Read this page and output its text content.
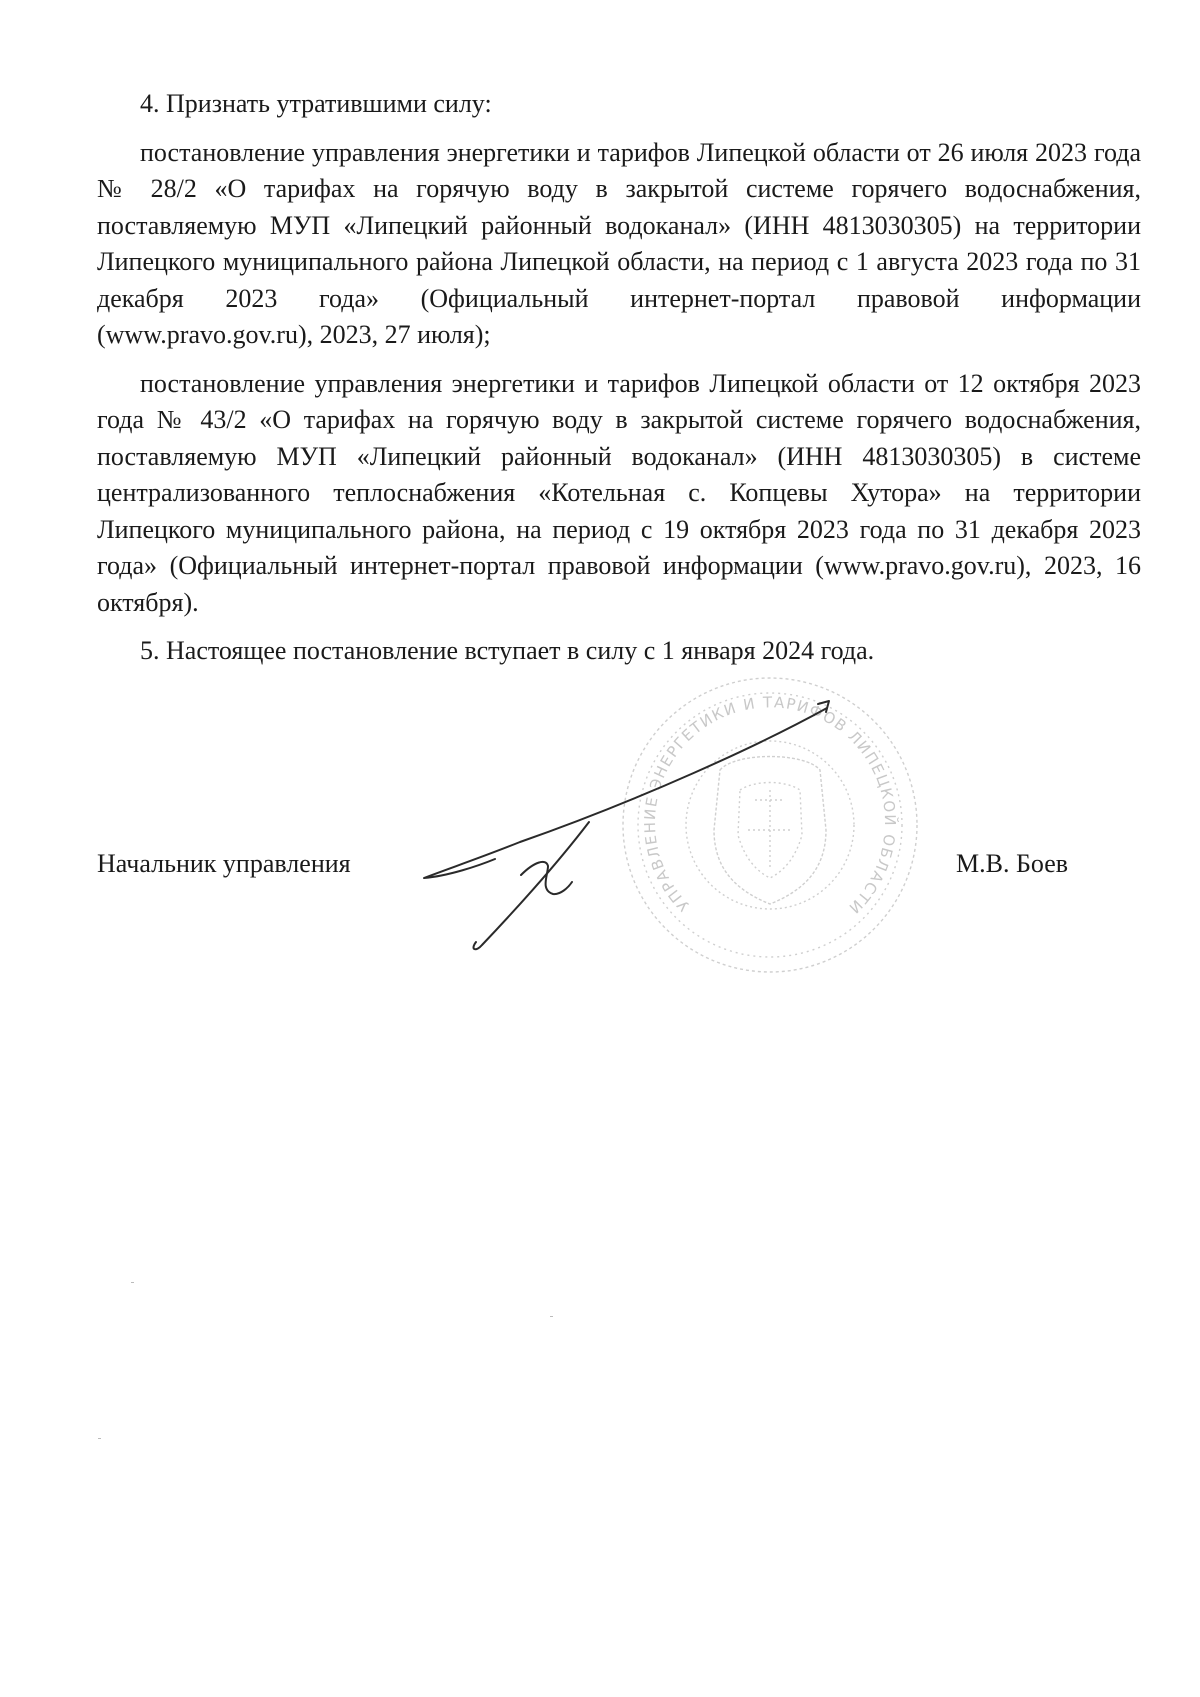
4. Признать утратившими силу:

постановление управления энергетики и тарифов Липецкой области от 26 июля 2023 года № 28/2 «О тарифах на горячую воду в закрытой системе горячего водоснабжения, поставляемую МУП «Липецкий районный водоканал» (ИНН 4813030305) на территории Липецкого муниципального района Липецкой области, на период с 1 августа 2023 года по 31 декабря 2023 года» (Официальный интернет-портал правовой информации (www.pravo.gov.ru), 2023, 27 июля);

постановление управления энергетики и тарифов Липецкой области от 12 октября 2023 года № 43/2 «О тарифах на горячую воду в закрытой системе горячего водоснабжения, поставляемую МУП «Липецкий районный водоканал» (ИНН 4813030305) в системе централизованного теплоснабжения «Котельная с. Копцевы Хутора» на территории Липецкого муниципального района, на период с 19 октября 2023 года по 31 декабря 2023 года» (Официальный интернет-портал правовой информации (www.pravo.gov.ru), 2023, 16 октября).

5. Настоящее постановление вступает в силу с 1 января 2024 года.

УПРАВЛЕНИЕ ЭНЕРГЕТИКИ И ТАРИФОВ ЛИПЕЦКОЙ ОБЛАСТИ
Начальник управления	М.В. Боев
